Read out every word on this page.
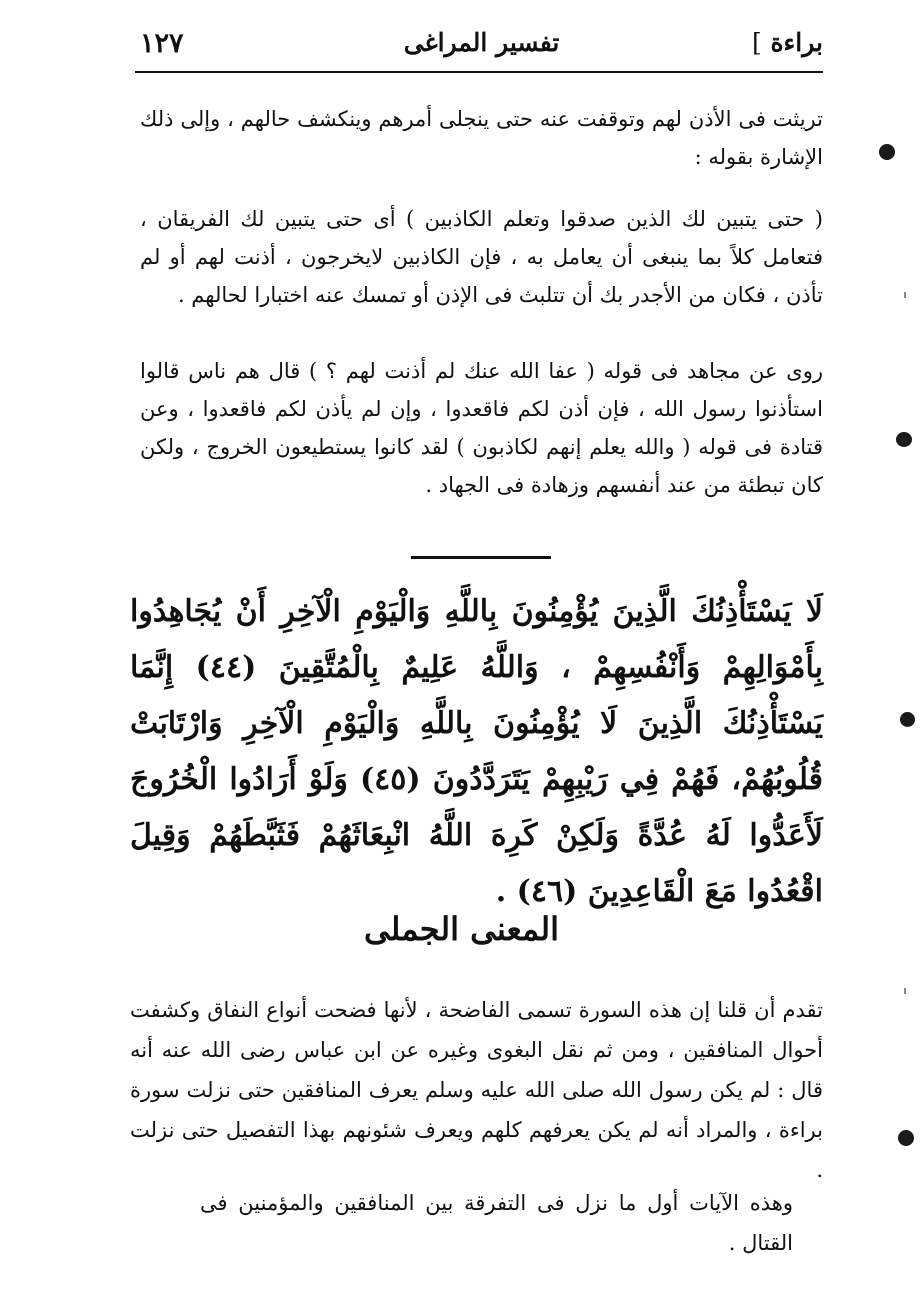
براءة ]
تفسير المراغى
١٢٧
تريثت فى الأذن لهم وتوقفت عنه حتى ينجلى أمرهم وينكشف حالهم ، وإلى ذلك الإشارة بقوله :
( حتى يتبين لك الذين صدقوا وتعلم الكاذبين ) أى حتى يتبين لك الفريقان ، فتعامل كلاً بما ينبغى أن يعامل به ، فإن الكاذبين لايخرجون ، أذنت لهم أو لم تأذن ، فكان من الأجدر بك أن تتلبث فى الإذن أو تمسك عنه اختبارا لحالهم .
روى عن مجاهد فى قوله ( عفا الله عنك لم أذنت لهم ؟ ) قال هم ناس قالوا استأذنوا رسول الله ، فإن أذن لكم فاقعدوا ، وإن لم يأذن لكم فاقعدوا ، وعن قتادة فى قوله ( والله يعلم إنهم لكاذبون ) لقد كانوا يستطيعون الخروج ، ولكن كان تبطئة من عند أنفسهم وزهادة فى الجهاد .
لَا يَسْتَأْذِنُكَ الَّذِينَ يُؤْمِنُونَ بِاللَّهِ وَالْيَوْمِ الْآخِرِ أَنْ يُجَاهِدُوا بِأَمْوَالِهِمْ وَأَنْفُسِهِمْ ، وَاللَّهُ عَلِيمٌ بِالْمُتَّقِينَ (٤٤) إِنَّمَا يَسْتَأْذِنُكَ الَّذِينَ لَا يُؤْمِنُونَ بِاللَّهِ وَالْيَوْمِ الْآخِرِ وَارْتَابَتْ قُلُوبُهُمْ، فَهُمْ فِي رَيْبِهِمْ يَتَرَدَّدُونَ (٤٥) وَلَوْ أَرَادُوا الْخُرُوجَ لَأَعَدُّوا لَهُ عُدَّةً وَلَكِنْ كَرِهَ اللَّهُ انْبِعَاثَهُمْ فَثَبَّطَهُمْ وَقِيلَ اقْعُدُوا مَعَ الْقَاعِدِينَ (٤٦) .
المعنى الجملى
تقدم أن قلنا إن هذه السورة تسمى الفاضحة ، لأنها فضحت أنواع النفاق وكشفت أحوال المنافقين ، ومن ثم نقل البغوى وغيره عن ابن عباس رضى الله عنه أنه قال : لم يكن رسول الله صلى الله عليه وسلم يعرف المنافقين حتى نزلت سورة براءة ، والمراد أنه لم يكن يعرفهم كلهم ويعرف شئونهم بهذا التفصيل حتى نزلت .
وهذه الآيات أول ما نزل فى التفرقة بين المنافقين والمؤمنين فى القتال .
